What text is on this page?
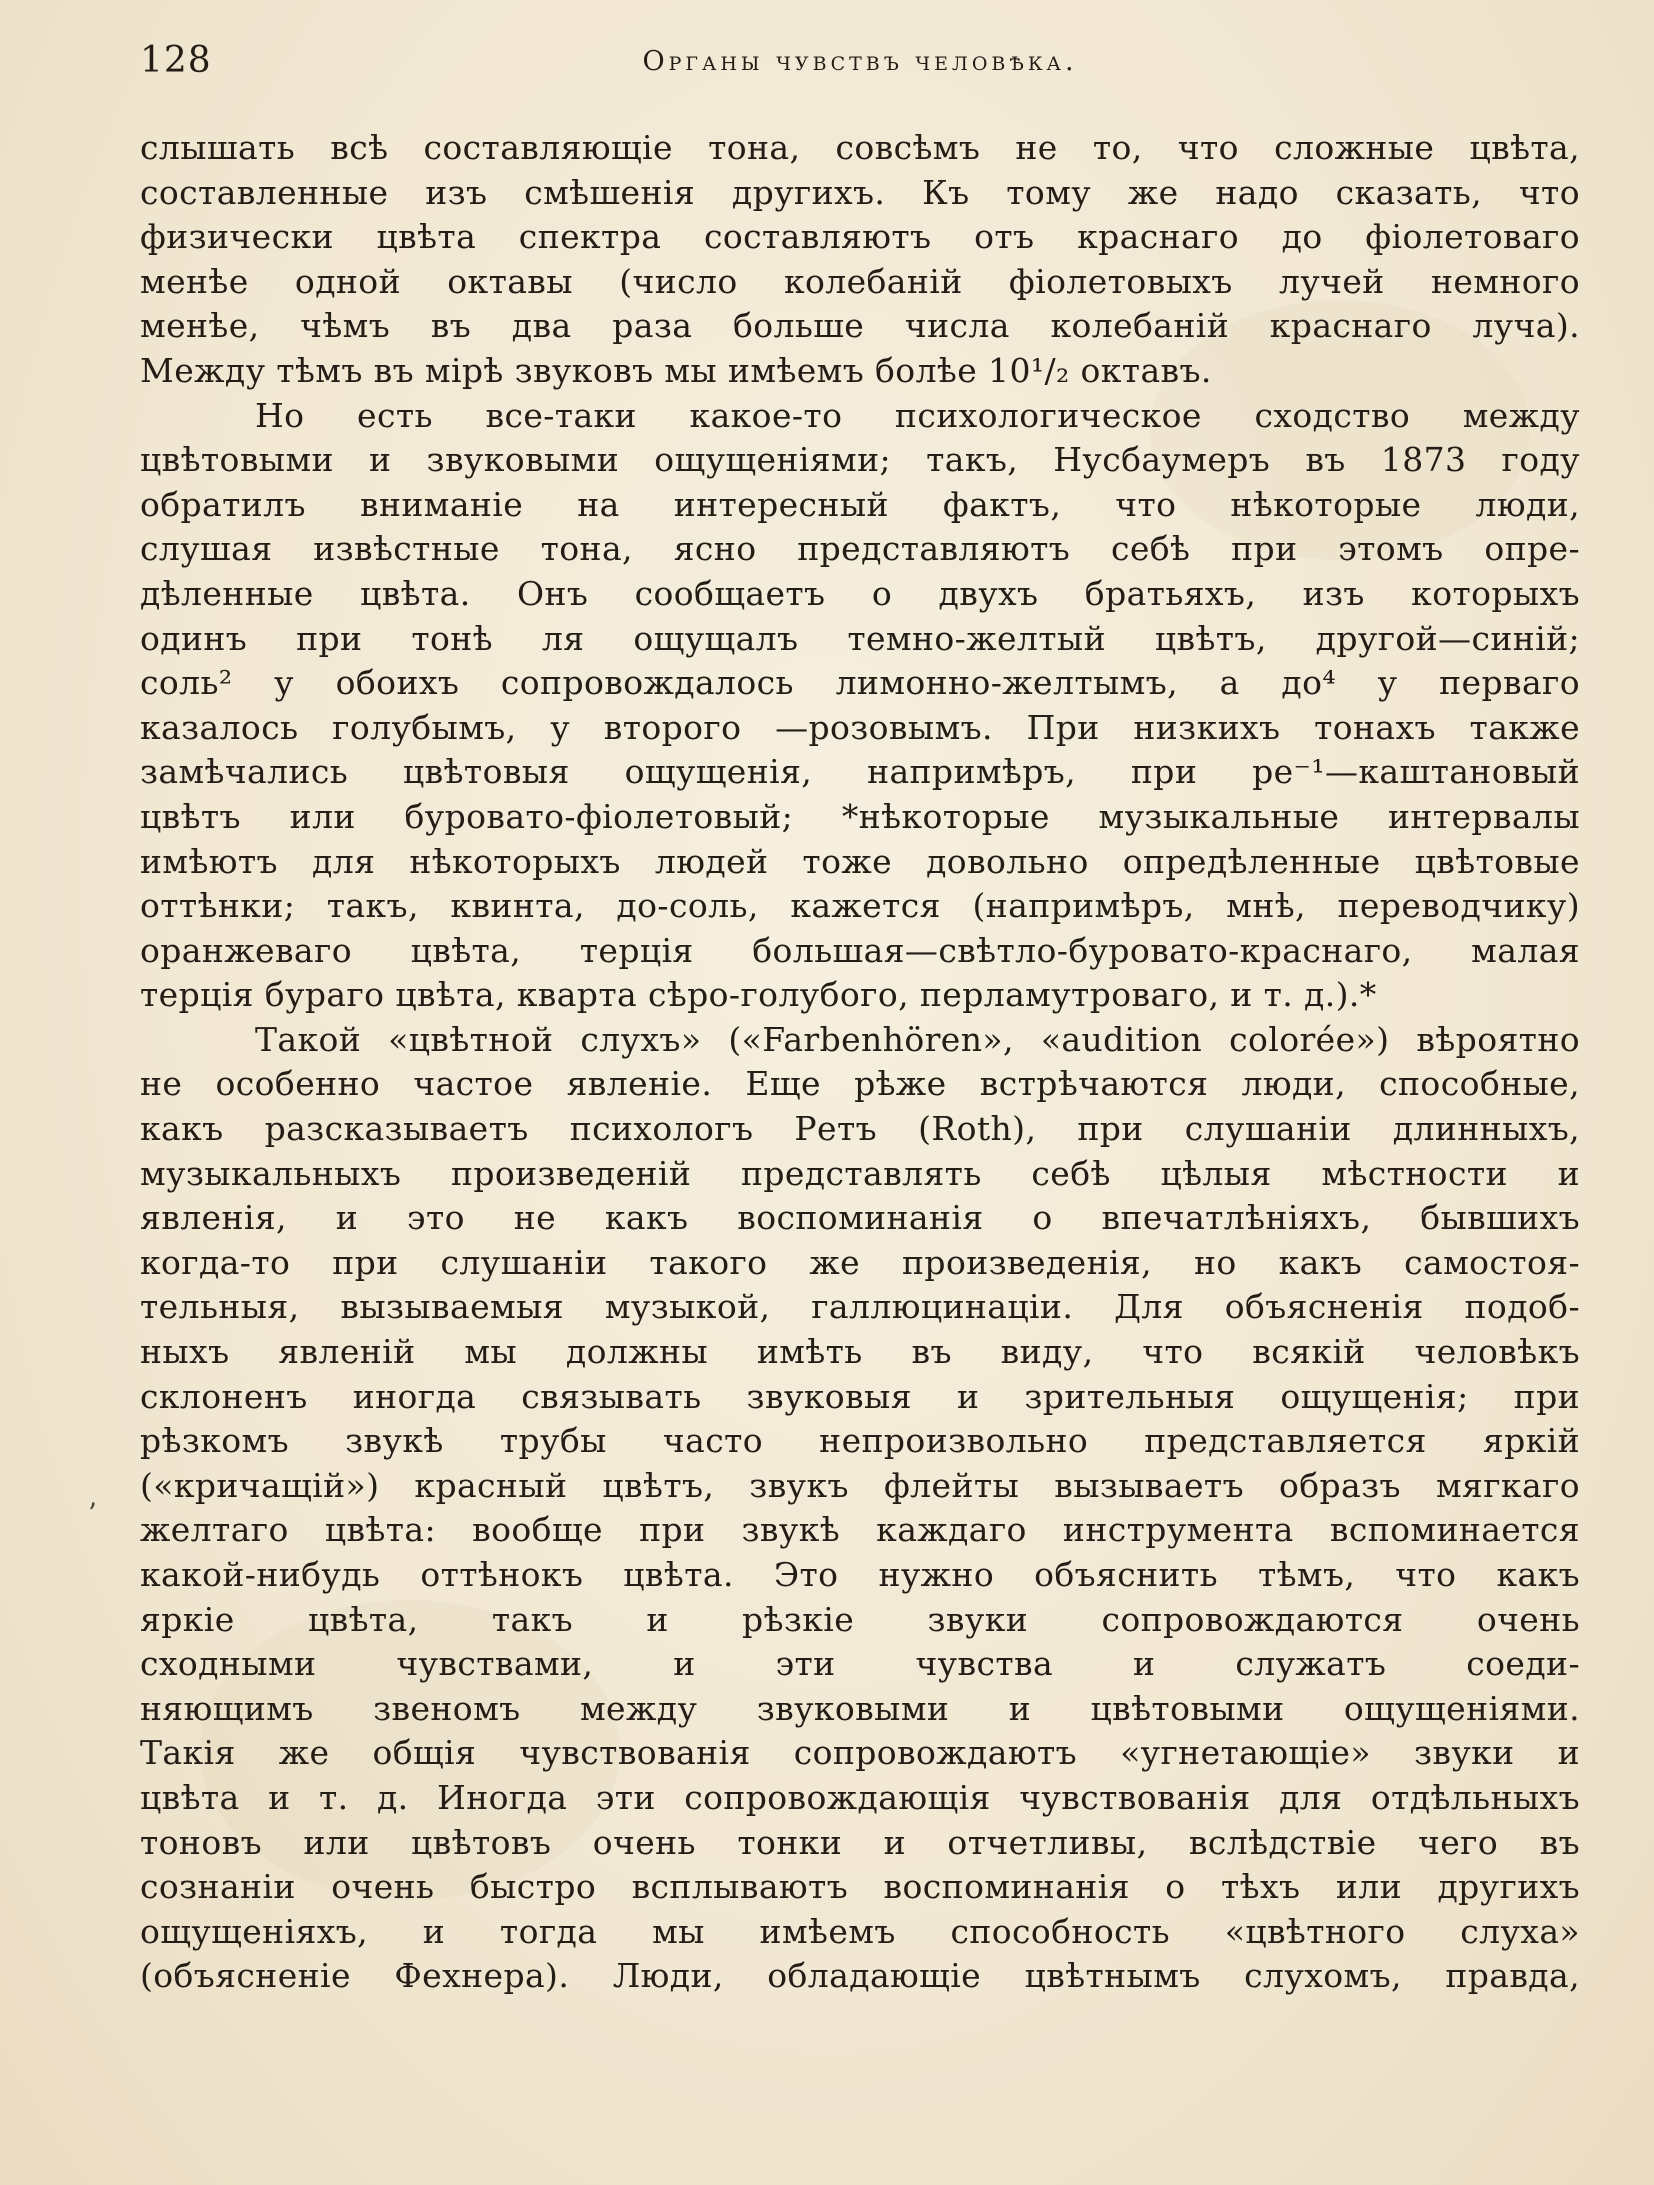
128	Органы чувствъ человѣка.
’

слышать всѣ составляющіе тона, совсѣмъ не то, что сложные цвѣта,
составленные изъ смѣшенія другихъ. Къ тому же надо сказать, что
физически цвѣта спектра составляютъ отъ краснаго до фіолетоваго
менѣе одной октавы (число колебаній фіолетовыхъ лучей немного
менѣе, чѣмъ въ два раза больше числа колебаній краснаго луча).
Между тѣмъ въ мірѣ звуковъ мы имѣемъ болѣе 10¹/₂ октавъ.

Но есть все-таки какое-то психологическое сходство между
цвѣтовыми и звуковыми ощущеніями; такъ, Нусбаумеръ въ 1873 году
обратилъ вниманіе на интересный фактъ, что нѣкоторые люди,
слушая извѣстные тона, ясно представляютъ себѣ при этомъ опре-
дѣленные цвѣта. Онъ сообщаетъ о двухъ братьяхъ, изъ которыхъ
одинъ при тонѣ ля ощущалъ темно-желтый цвѣтъ, другой—синій;
соль² у обоихъ сопровождалось лимонно-желтымъ, а до⁴ у перваго
казалось голубымъ, у второго —розовымъ. При низкихъ тонахъ также
замѣчались цвѣтовыя ощущенія, напримѣръ, при ре⁻¹—каштановый
цвѣтъ или буровато-фіолетовый; *нѣкоторые музыкальные интервалы
имѣютъ для нѣкоторыхъ людей тоже довольно опредѣленные цвѣтовые
оттѣнки; такъ, квинта, до-соль, кажется (напримѣръ, мнѣ, переводчику)
оранжеваго цвѣта, терція большая—свѣтло-буровато-краснаго, малая
терція бураго цвѣта, кварта сѣро-голубого, перламутроваго, и т. д.).*

Такой «цвѣтной слухъ» («Farbenhören», «audition colorée») вѣроятно
не особенно частое явленіе. Еще рѣже встрѣчаются люди, способные,
какъ разсказываетъ психологъ Ретъ (Roth), при слушаніи длинныхъ,
музыкальныхъ произведеній представлять себѣ цѣлыя мѣстности и
явленія, и это не какъ воспоминанія о впечатлѣніяхъ, бывшихъ
когда-то при слушаніи такого же произведенія, но какъ самостоя-
тельныя, вызываемыя музыкой, галлюцинаціи. Для объясненія подоб-
ныхъ явленій мы должны имѣть въ виду, что всякій человѣкъ
склоненъ иногда связывать звуковыя и зрительныя ощущенія; при
рѣзкомъ звукѣ трубы часто непроизвольно представляется яркій
(«кричащій») красный цвѣтъ, звукъ флейты вызываетъ образъ мягкаго
желтаго цвѣта: вообще при звукѣ каждаго инструмента вспоминается
какой-нибудь оттѣнокъ цвѣта. Это нужно объяснить тѣмъ, что какъ
яркіе цвѣта, такъ и рѣзкіе звуки сопровождаются очень
сходными чувствами, и эти чувства и служатъ соеди-
няющимъ звеномъ между звуковыми и цвѣтовыми ощущеніями.
Такія же общія чувствованія сопровождаютъ «угнетающіе» звуки и
цвѣта и т. д. Иногда эти сопровождающія чувствованія для отдѣльныхъ
тоновъ или цвѣтовъ очень тонки и отчетливы, вслѣдствіе чего въ
сознаніи очень быстро всплываютъ воспоминанія о тѣхъ или другихъ
ощущеніяхъ, и тогда мы имѣемъ способность «цвѣтного слуха»
(объясненіе Фехнера). Люди, обладающіе цвѣтнымъ слухомъ, правда,
